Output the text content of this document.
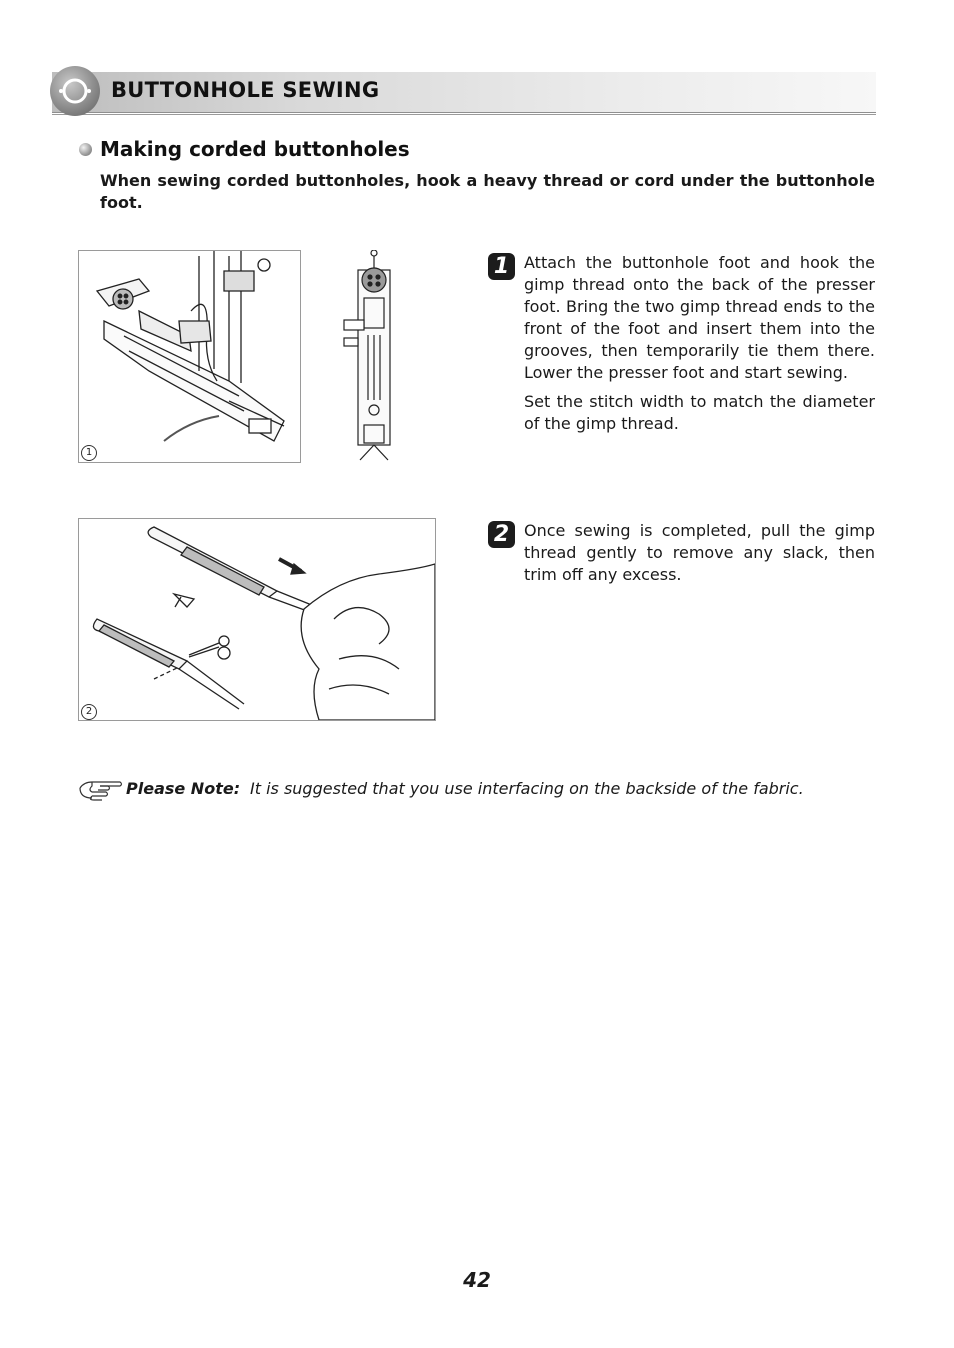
BUTTONHOLE SEWING
Making corded buttonholes
When sewing corded buttonholes, hook a heavy thread or cord under the buttonhole foot.
1
2
1 Attach the buttonhole foot and hook the gimp thread onto the back of the presser foot. Bring the two gimp thread ends to the front of the foot and insert them into the grooves, then temporarily tie them there. Lower the presser foot and start sewing.

Set the stitch width to match the diameter of the gimp thread.

2 Once sewing is completed, pull the gimp thread gently to remove any slack, then trim off any excess.

Please Note: It is suggested that you use interfacing on the backside of the fabric.
42
